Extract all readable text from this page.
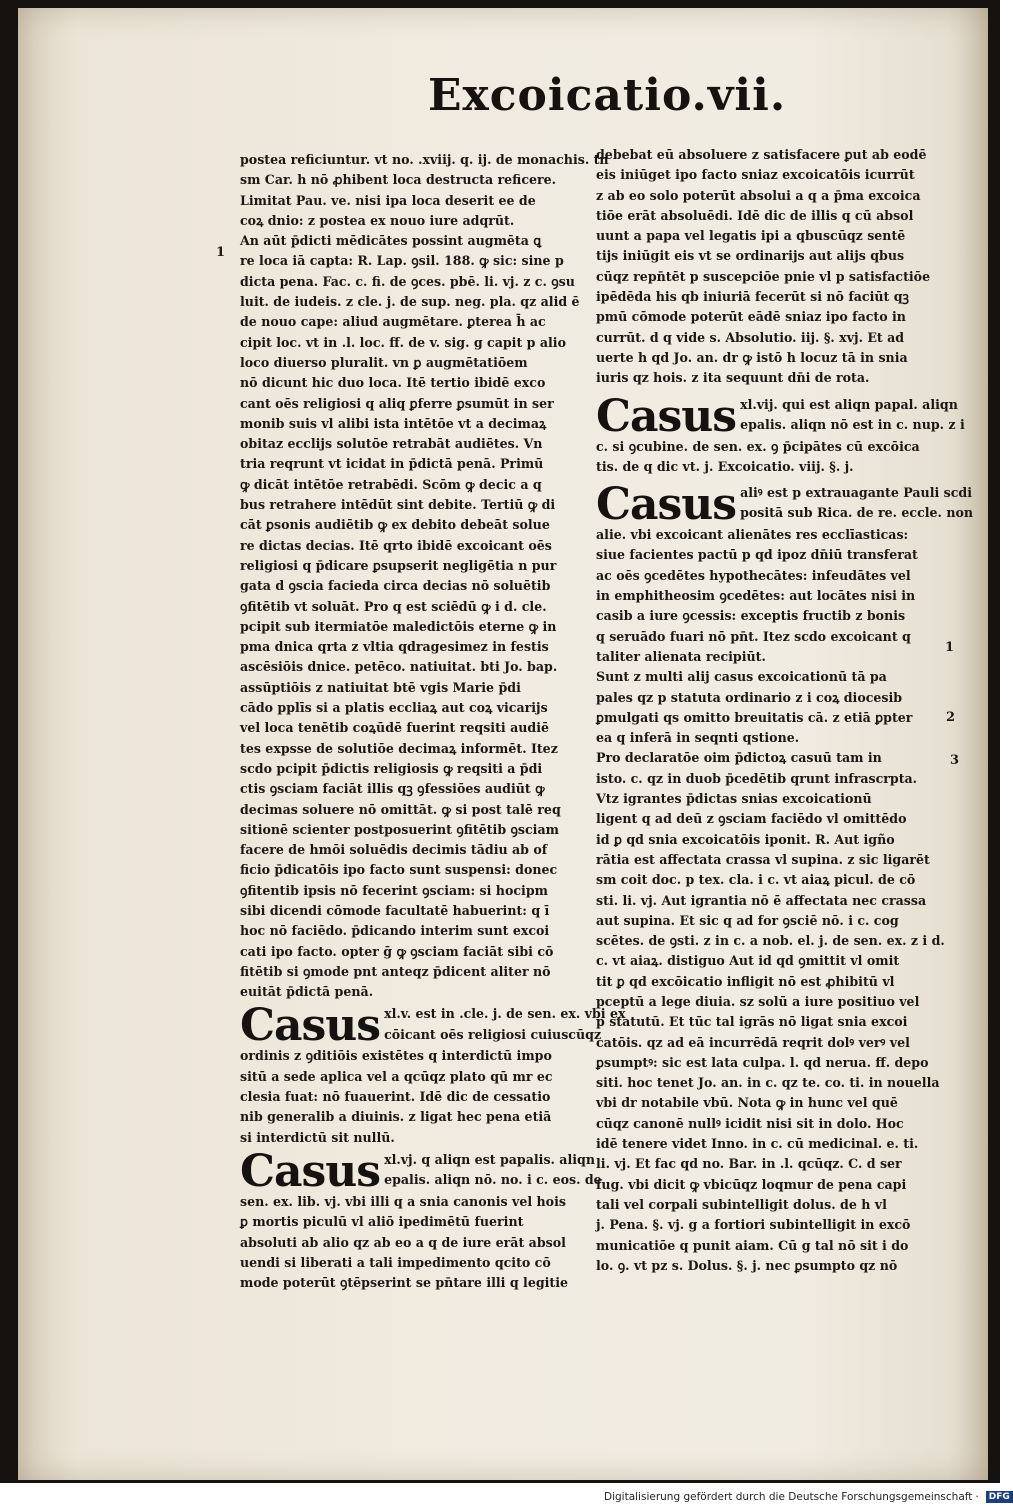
Excoicatio.vii.
1
1
2
3
postea reficiuntur. vt no. .xviij. q. ij. de monachis. tn
sm Car. h nō ꝓhibent loca destructa reficere.
Limitat Pau. ve. nisi ipa loca deserit ee de
coꝝ dnio: z postea ex nouo iure adqrūt.
An aūt p̄dicti mēdicātes possint augmēta ꝗ
re loca iā capta: R. Lap. ꝯsil. 188. ꝙ sic: sine p
dicta pena. Fac. c. fi. de ꝯces. pbē. li. vj. z c. ꝯsu
luit. de iudeis. z cle. j. de sup. neg. pla. qz alid ē
de nouo cape: aliud augmētare. ꝑterea h̄ ac
cipit loc. vt in .l. loc. ff. de v. sig. g capit p alio
loco diuerso pluralit. vn ꝑ augmētatiōem
nō dicunt hic duo loca. Itē tertio ibidē exco
cant oēs religiosi q aliq ꝑferre ꝑsumūt in ser
monib suis vl alibi ista intētōe vt a decimaꝝ
obitaz ecclijs solutōe retrabāt audiētes. Vn
tria reqrunt vt icidat in p̄dictā penā. Primū
ꝙ dicāt intētōe retrabēdi. Scōm ꝙ decic a q
bus retrahere intēdūt sint debite. Tertiū ꝙ di
cāt ꝑsonis audiētib ꝙ ex debito debeāt solue
re dictas decias. Itē qrto ibidē excoicant oēs
religiosi q p̄dicare ꝑsupserit negligētia n pur
gata d ꝯscia facieda circa decias nō soluētib
ꝯfitētib vt soluāt. Pro q est sciēdū ꝙ i d. cle.
pcipit sub itermiatōe maledictōis eterne ꝙ in
pma dnica qrta z vltia qdragesimez in festis
ascēsiōis dnice. petēco. natiuitat. bti Jo. bap.
assūptiōis z natiuitat btē vgis Marie p̄di
cādo pplīs si a platis eccliaꝝ aut coꝝ vicarijs
vel loca tenētib coꝝūdē fuerint reqsiti audiē
tes expsse de solutiōe decimaꝝ informēt. Itez
scdo pcipit p̄dictis religiosis ꝙ reqsiti a p̄di
ctis ꝯsciam faciāt illis qꝫ ꝯfessiōes audiūt ꝙ
decimas soluere nō omittāt. ꝙ si post talē req
sitionē scienter postposuerint ꝯfitētib ꝯsciam
facere de hmōi soluēdis decimis tādiu ab of
ficio p̄dicatōis ipo facto sunt suspensi: donec
ꝯfitentib ipsis nō fecerint ꝯsciam: si hocipm
sibi dicendi cōmode facultatē habuerint: q ī
hoc nō faciēdo. p̄dicando interim sunt excoi
cati ipo facto. opter ḡ ꝙ ꝯsciam faciāt sibi cō
fitētib si ꝯmode pnt anteqz p̄dicent aliter nō
euitāt p̄dictā penā.
Casus xl.v. est in .cle. j. de sen. ex. vbi ex
cōicant oēs religiosi cuiuscūqz
ordinis z ꝯditiōis existētes q interdictū impo
sitū a sede aplica vel a qcūqz plato qū mr ec
clesia fuat: nō fuauerint. Idē dic de cessatio
nib generalib a diuinis. z ligat hec pena etiā
si interdictū sit nullū.
Casus xl.vj. q aliqn est papalis. aliqn
epalis. aliqn nō. no. i c. eos. de
sen. ex. lib. vj. vbi illi q a snia canonis vel hois
ꝑ mortis piculū vl aliō ipedimētū fuerint
absoluti ab alio qz ab eo a q de iure erāt absol
uendi si liberati a tali impedimento qcito cō
mode poterūt ꝯtēpserint se pn̄tare illi q legitie
debebat eū absoluere z satisfacere ꝑut ab eodē
eis iniūget ipo facto sniaz excoicatōis icurrūt
z ab eo solo poterūt absolui a q a p̄ma excoica
tiōe erāt absoluēdi. Idē dic de illis q cū absol
uunt a papa vel legatis ipi a qbuscūqz sentē
tijs iniūgit eis vt se ordinarijs aut alijs qbus
cūqz repn̄tēt p suscepciōe pnie vl p satisfactiōe
ipēdēda his qb iniuriā fecerūt si nō faciūt qꝫ
pmū cōmode poterūt eādē sniaz ipo facto in
currūt. d q vide s. Absolutio. iij. §. xvj. Et ad
uerte h qd Jo. an. dr ꝙ istō h locuz tā in snia
iuris qz hois. z ita sequunt dn̄i de rota.
Casus xl.vij. qui est aliqn papal. aliqn
epalis. aliqn nō est in c. nup. z i
c. si ꝯcubine. de sen. ex. ꝯ p̄cipātes cū excōica
tis. de q dic vt. j. Excoicatio. viij. §. j.
Casus aliꝰ est p extrauagante Pauli scdi
positā sub Rica. de re. eccle. non
alie. vbi excoicant alienātes res ecclīasticas:
siue facientes pactū p qd ipoz dn̄iū transferat
ac oēs ꝯcedētes hypothecātes: infeudātes vel
in emphitheosim ꝯcedētes: aut locātes nisi in
casib a iure ꝯcessis: exceptis fructib z bonis
q seruādo fuari nō pn̄t. Itez scdo excoicant q
taliter alienata recipiūt.
Sunt z multi alij casus excoicationū tā pa
pales qz p statuta ordinario z i coꝝ diocesib
ꝑmulgati qs omitto breuitatis cā. z etiā ꝑpter
ea q inferā in seqnti qstione.
Pro declaratōe oim p̄dictoꝝ casuū tam in
isto. c. qz in duob p̄cedētib qrunt infrascrpta.
Vtz igrantes p̄dictas snias excoicationū
ligent q ad deū z ꝯsciam faciēdo vl omittēdo
id ꝑ qd snia excoicatōis iponit. R. Aut igño
rātia est affectata crassa vl supina. z sic ligarēt
sm coit doc. p tex. cla. i c. vt aiaꝝ picul. de cō
sti. li. vj. Aut igrantia nō ē affectata nec crassa
aut supina. Et sic q ad for ꝯsciē nō. i c. cog
scētes. de ꝯsti. z in c. a nob. el. j. de sen. ex. z i d.
c. vt aiaꝝ. distiguo Aut id qd ꝯmittit vl omit
tit ꝑ qd excōicatio infligit nō est ꝓhibitū vl
pceptū a lege diuia. sz solū a iure positiuo vel
p statutū. Et tūc tal igrās nō ligat snia excoi
catōis. qz ad eā incurrēdā reqrit dolꝰ verꝰ vel
ꝑsumptꝰ: sic est lata culpa. l. qd nerua. ff. depo
siti. hoc tenet Jo. an. in c. qz te. co. ti. in nouella
vbi dr notabile vbū. Nota ꝙ in hunc vel quē
cūqz canonē nullꝰ icidit nisi sit in dolo. Hoc
idē tenere videt Inno. in c. cū medicinal. e. ti.
li. vj. Et fac qd no. Bar. in .l. qcūqz. C. d ser
fug. vbi dicit ꝙ vbicūqz loqmur de pena capi
tali vel corpali subintelligit dolus. de h vl
j. Pena. §. vj. g a fortiori subintelligit in excō
municatiōe q punit aiam. Cū g tal nō sit i do
lo. ꝯ. vt pz s. Dolus. §. j. nec ꝑsumpto qz nō
Digitalisierung gefördert durch die Deutsche Forschungsgemeinschaft ·	DFG
